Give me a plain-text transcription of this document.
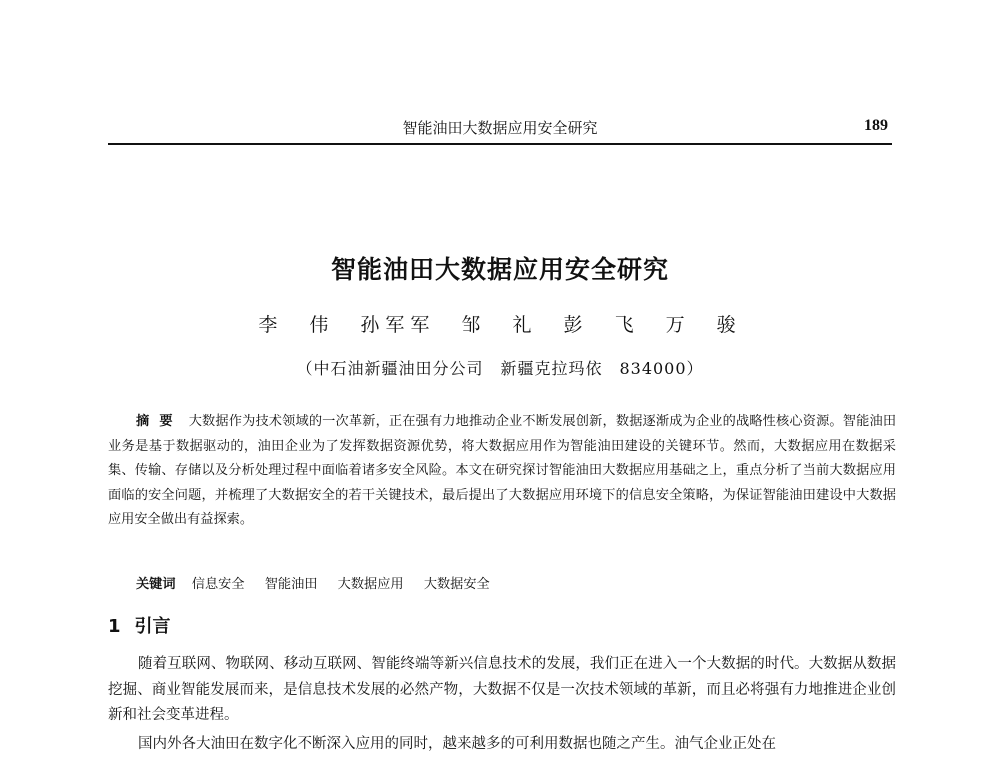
智能油田大数据应用安全研究	189
智能油田大数据应用安全研究
李 伟 孙军军 邹 礼 彭 飞 万 骏
（中石油新疆油田分公司　新疆克拉玛依　834000）

摘要 大数据作为技术领域的一次革新，正在强有力地推动企业不断发展创新，数据逐渐成为企业的战略性核心资源。智能油田业务是基于数据驱动的，油田企业为了发挥数据资源优势，将大数据应用作为智能油田建设的关键环节。然而，大数据应用在数据采集、传输、存储以及分析处理过程中面临着诸多安全风险。本文在研究探讨智能油田大数据应用基础之上，重点分析了当前大数据应用面临的安全问题，并梳理了大数据安全的若干关键技术，最后提出了大数据应用环境下的信息安全策略，为保证智能油田建设中大数据应用安全做出有益探索。

关键词 信息安全 智能油田 大数据应用 大数据安全
1 引言

随着互联网、物联网、移动互联网、智能终端等新兴信息技术的发展，我们正在进入一个大数据的时代。大数据从数据挖掘、商业智能发展而来，是信息技术发展的必然产物，大数据不仅是一次技术领域的革新，而且必将强有力地推进企业创新和社会变革进程。

国内外各大油田在数字化不断深入应用的同时，越来越多的可利用数据也随之产生。油气企业正处在
